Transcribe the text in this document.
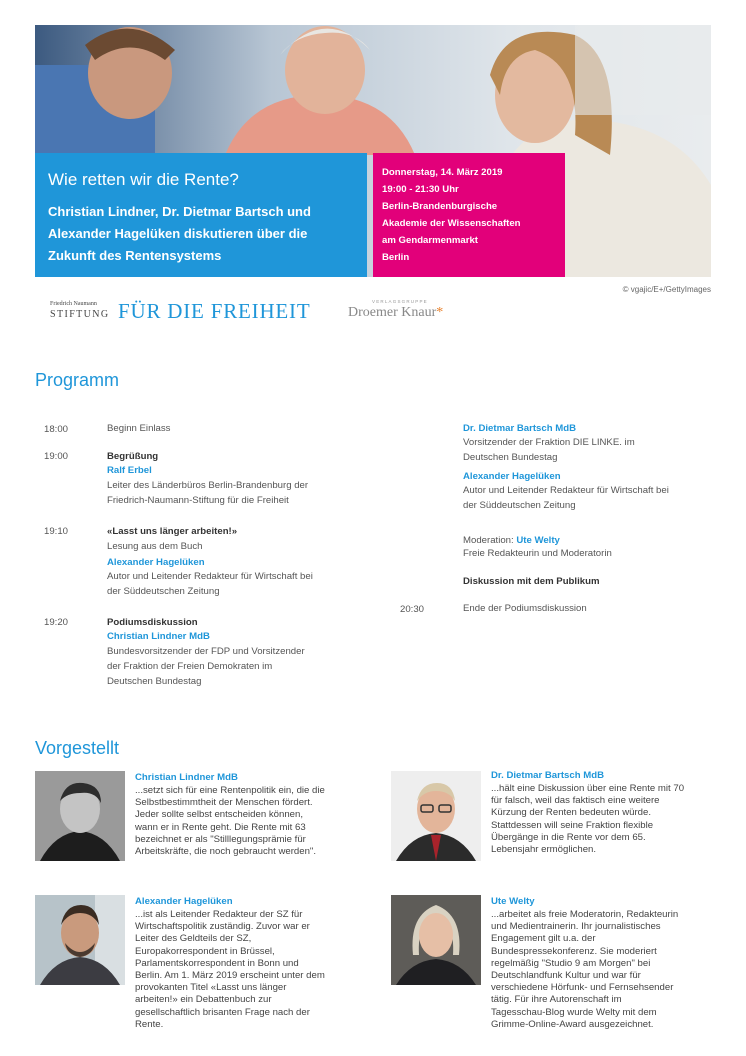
Wie retten wir die Rente?
Christian Lindner, Dr. Dietmar Bartsch und Alexander Hagelüken diskutieren über die Zukunft des Rentensystems
Donnerstag, 14. März 2019
19:00 - 21:30 Uhr
Berlin-Brandenburgische
Akademie der Wissenschaften
am Gendarmenmarkt
Berlin
© vgajic/E+/GettyImages
Friedrich Naumann
STIFTUNG FÜR DIE FREIHEIT	VERLAGSGRUPPE
Droemer Knaur*
Programm
18:00	Beginn Einlass
19:00	Begrüßung
Ralf Erbel
Leiter des Länderbüros Berlin-Brandenburg der
Friedrich-Naumann-Stiftung für die Freiheit
19:10	«Lasst uns länger arbeiten!»
Lesung aus dem Buch
Alexander Hagelüken
Autor und Leitender Redakteur für Wirtschaft bei
der Süddeutschen Zeitung
19:20	Podiumsdiskussion
Christian Lindner MdB
Bundesvorsitzender der FDP und Vorsitzender
der Fraktion der Freien Demokraten im
Deutschen Bundestag
Dr. Dietmar Bartsch MdB
Vorsitzender der Fraktion DIE LINKE. im
Deutschen Bundestag
Alexander Hagelüken
Autor und Leitender Redakteur für Wirtschaft bei
der Süddeutschen Zeitung
Moderation: Ute Welty
Freie Redakteurin und Moderatorin
Diskussion mit dem Publikum
20:30	Ende der Podiumsdiskussion
Vorgestellt
Christian Lindner MdB
...setzt sich für eine Rentenpolitik ein, die die
Selbstbestimmtheit der Menschen fördert.
Jeder sollte selbst entscheiden können,
wann er in Rente geht. Die Rente mit 63
bezeichnet er als "Stilllegungsprämie für
Arbeitskräfte, die noch gebraucht werden".
Dr. Dietmar Bartsch MdB
...hält eine Diskussion über eine Rente mit 70
für falsch, weil das faktisch eine weitere
Kürzung der Renten bedeuten würde.
Stattdessen will seine Fraktion flexible
Übergänge in die Rente vor dem 65.
Lebensjahr ermöglichen.
Alexander Hagelüken
...ist als Leitender Redakteur der SZ für
Wirtschaftspolitik zuständig. Zuvor war er
Leiter des Geldteils der SZ,
Europakorrespondent in Brüssel,
Parlamentskorrespondent in Bonn und
Berlin. Am 1. März 2019 erscheint unter dem
provokanten Titel «Lasst uns länger
arbeiten!» ein Debattenbuch zur
gesellschaftlich brisanten Frage nach der
Rente.
Ute Welty
...arbeitet als freie Moderatorin, Redakteurin
und Medientrainerin. Ihr journalistisches
Engagement gilt u.a. der
Bundespressekonferenz. Sie moderiert
regelmäßig "Studio 9 am Morgen" bei
Deutschlandfunk Kultur und war für
verschiedene Hörfunk- und Fernsehsender
tätig. Für ihre Autorenschaft im
Tagesschau-Blog wurde Welty mit dem
Grimme-Online-Award ausgezeichnet.
